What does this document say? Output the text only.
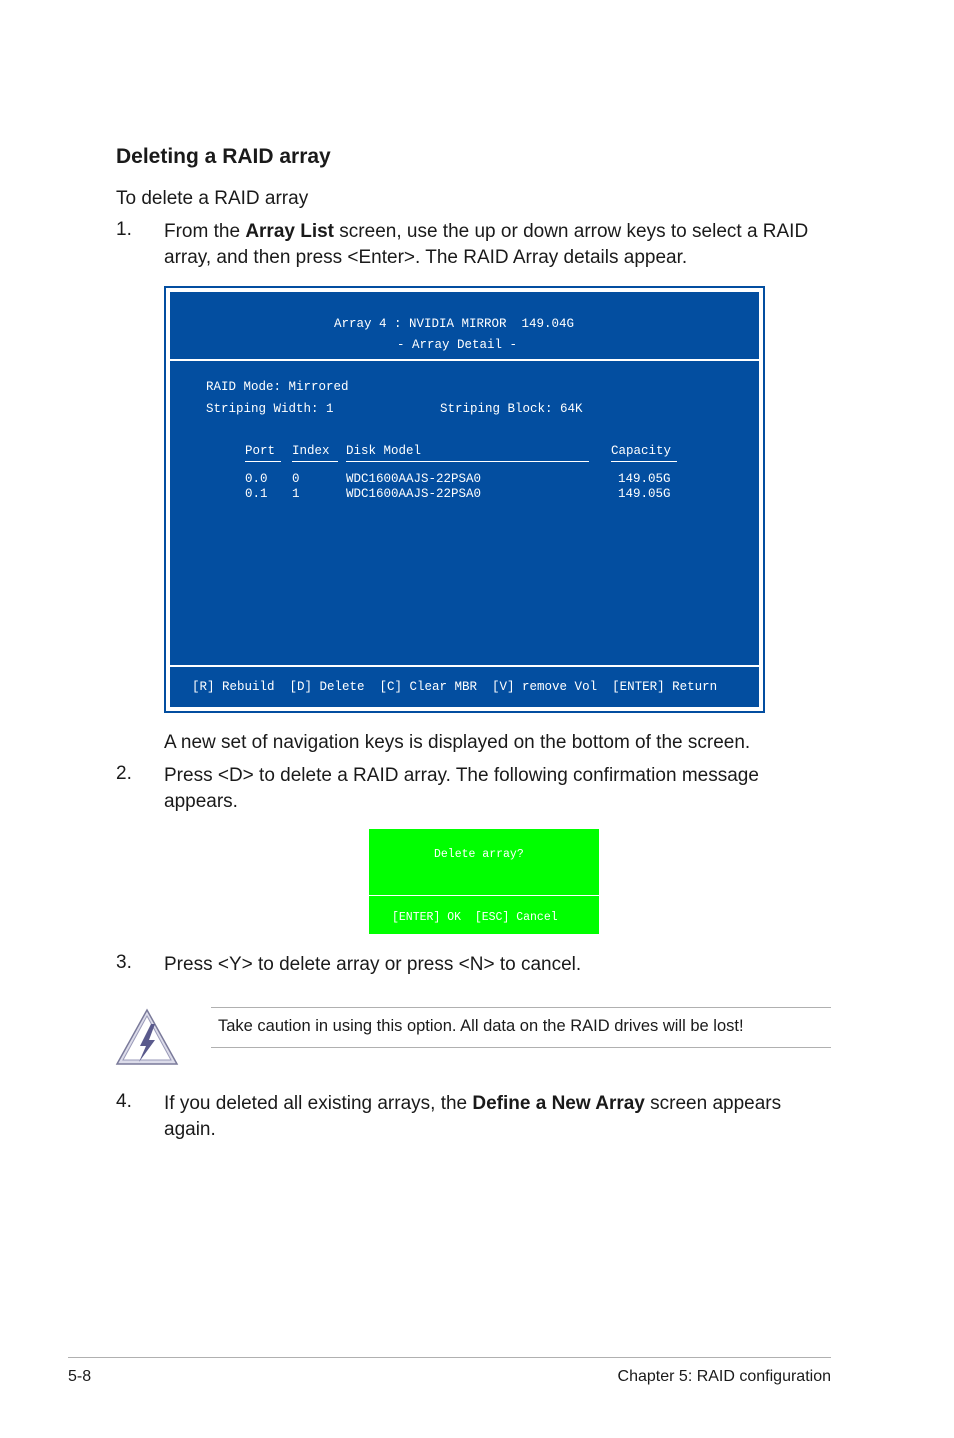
Deleting a RAID array
To delete a RAID array
1. From the Array List screen, use the up or down arrow keys to select a RAID
array, and then press <Enter>. The RAID Array details appear.
Array 4 : NVIDIA MIRROR  149.04G
- Array Detail -
RAID Mode: Mirrored
Striping Width: 1	Striping Block: 64K
Port Index Disk Model	Capacity
0.0 0	WDC1600AAJS-22PSA0	149.05G
0.1 1	WDC1600AAJS-22PSA0	149.05G
[R] Rebuild  [D] Delete  [C] Clear MBR  [V] remove Vol  [ENTER] Return
A new set of navigation keys is displayed on the bottom of the screen.
2. Press <D> to delete a RAID array. The following confirmation message
appears.
Delete array?
[ENTER] OK  [ESC] Cancel
3. Press <Y> to delete array or press <N> to cancel.
Take caution in using this option. All data on the RAID drives will be lost!
4. If you deleted all existing arrays, the Define a New Array screen appears
again.
5-8	Chapter 5: RAID configuration
